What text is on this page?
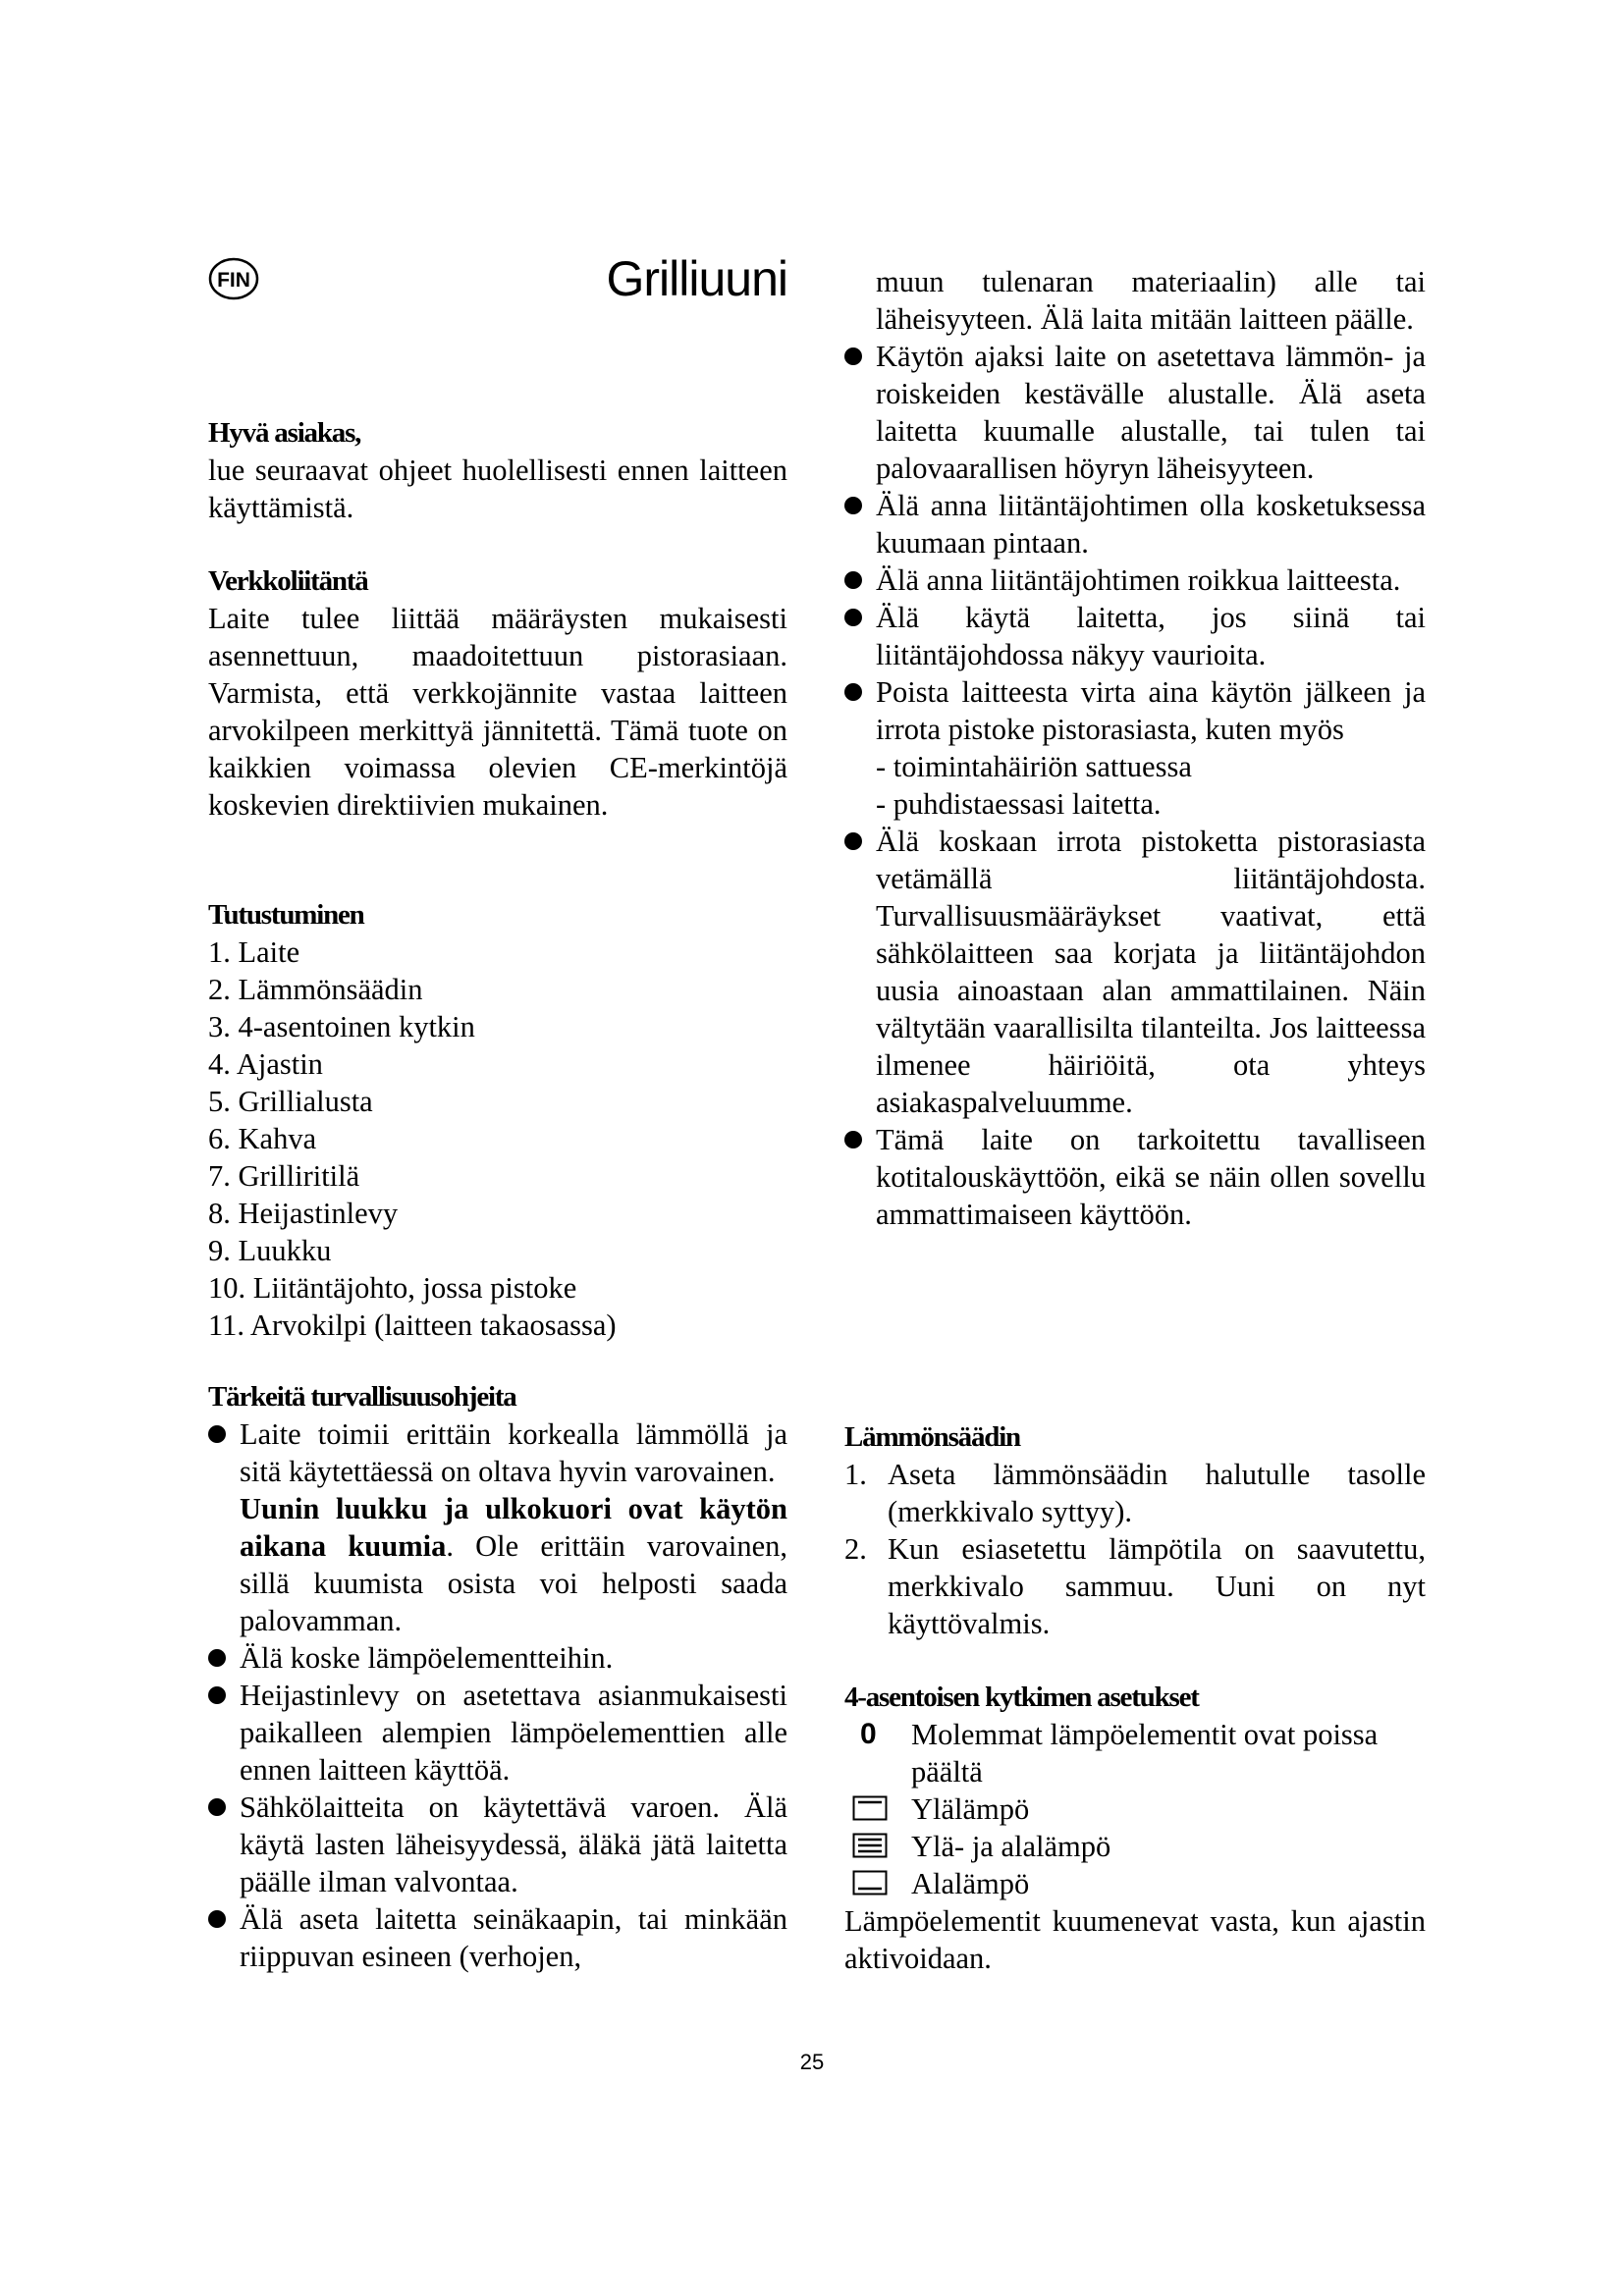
FIN	Grilliuuni
Hyvä asiakas,
lue seuraavat ohjeet huolellisesti ennen laitteen käyttämistä.
Verkkoliitäntä
Laite tulee liittää määräysten mukaisesti asennettuun, maadoitettuun pistorasiaan. Varmista, että verkkojännite vastaa laitteen arvokilpeen merkittyä jännitettä. Tämä tuote on kaikkien voimassa olevien CE-merkintöjä koskevien direktiivien mukainen.
Tutustuminen
1. Laite
2. Lämmönsäädin
3. 4-asentoinen kytkin
4. Ajastin
5. Grillialusta
6. Kahva
7. Grilliritilä
8. Heijastinlevy
9. Luukku
10. Liitäntäjohto, jossa pistoke
11. Arvokilpi (laitteen takaosassa)
Tärkeitä turvallisuusohjeita
Laite toimii erittäin korkealla lämmöllä ja sitä käytettäessä on oltava hyvin varovainen.
Uunin luukku ja ulkokuori ovat käytön aikana kuumia. Ole erittäin varovainen, sillä kuumista osista voi helposti saada palovamman.
Älä koske lämpöelementteihin.
Heijastinlevy on asetettava asianmukaisesti paikalleen alempien lämpöelementtien alle ennen laitteen käyttöä.
Sähkölaitteita on käytettävä varoen. Älä käytä lasten läheisyydessä, äläkä jätä laitetta päälle ilman valvontaa.
Älä aseta laitetta seinäkaapin, tai minkään riippuvan esineen (verhojen,
muun tulenaran materiaalin) alle tai läheisyyteen. Älä laita mitään laitteen päälle.
Käytön ajaksi laite on asetettava lämmön- ja roiskeiden kestävälle alustalle. Älä aseta laitetta kuumalle alustalle, tai tulen tai palovaarallisen höyryn läheisyyteen.
Älä anna liitäntäjohtimen olla kosketuksessa kuumaan pintaan.
Älä anna liitäntäjohtimen roikkua laitteesta.
Älä käytä laitetta, jos siinä tai liitäntäjohdossa näkyy vaurioita.
Poista laitteesta virta aina käytön jälkeen ja irrota pistoke pistorasiasta, kuten myös
- toimintahäiriön sattuessa
- puhdistaessasi laitetta.
Älä koskaan irrota pistoketta pistorasiasta vetämällä liitäntäjohdosta. Turvallisuusmääräykset vaativat, että sähkölaitteen saa korjata ja liitäntäjohdon uusia ainoastaan alan ammattilainen. Näin vältytään vaarallisilta tilanteilta. Jos laitteessa ilmenee häiriöitä, ota yhteys asiakaspalveluumme.
Tämä laite on tarkoitettu tavalliseen kotitalouskäyttöön, eikä se näin ollen sovellu ammattimaiseen käyttöön.
Lämmönsäädin
1. Aseta lämmönsäädin halutulle tasolle (merkkivalo syttyy).
2. Kun esiasetettu lämpötila on saavutettu, merkkivalo sammuu. Uuni on nyt käyttövalmis.
4-asentoisen kytkimen asetukset
0 Molemmat lämpöelementit ovat poissa päältä
Ylälämpö
Ylä- ja alalämpö
Alalämpö
Lämpöelementit kuumenevat vasta, kun ajastin aktivoidaan.
25
